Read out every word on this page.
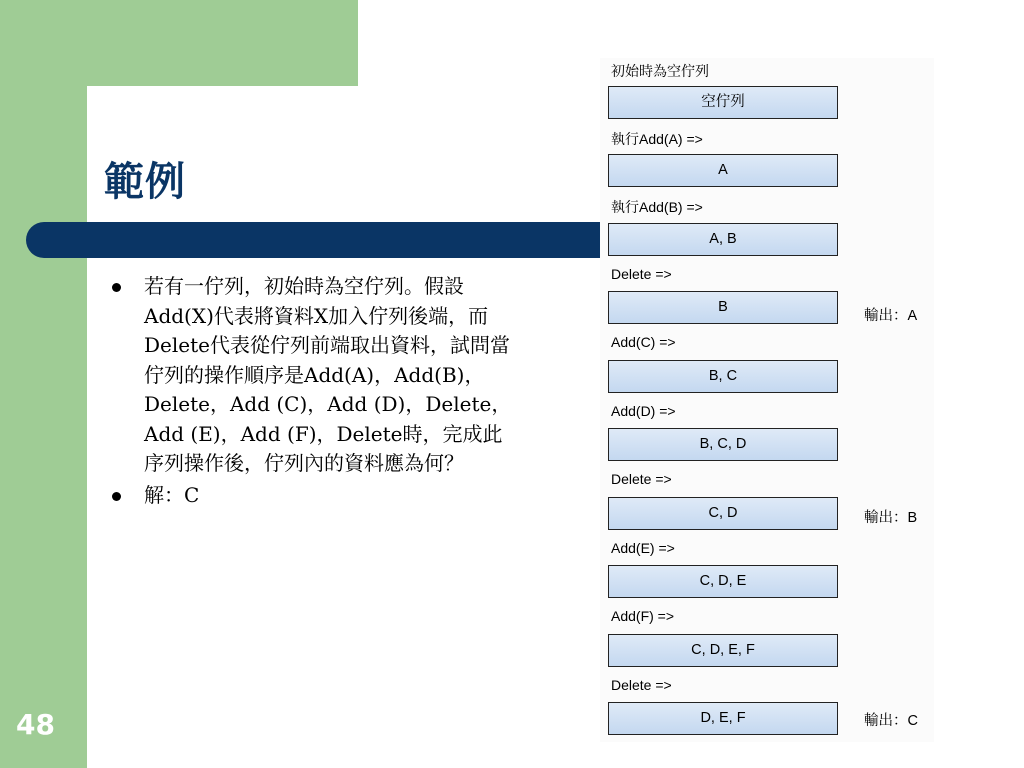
範例
若有一佇列，初始時為空佇列。假設Add(X)代表將資料X加入佇列後端，而Delete代表從佇列前端取出資料，試問當佇列的操作順序是Add(A)，Add(B)，Delete，Add (C)，Add (D)，Delete，Add (E)，Add (F)，Delete時，完成此序列操作後，佇列內的資料應為何？
解：C
初始時為空佇列
空佇列
執行Add(A) =>
A
執行Add(B) =>
A, B
Delete =>
B
輸出：A
Add(C) =>
B, C
Add(D) =>
B, C, D
Delete =>
C, D	輸出：B
Add(E) =>
C, D, E
Add(F) =>
C, D, E, F
Delete =>
D, E, F	輸出：C
48
